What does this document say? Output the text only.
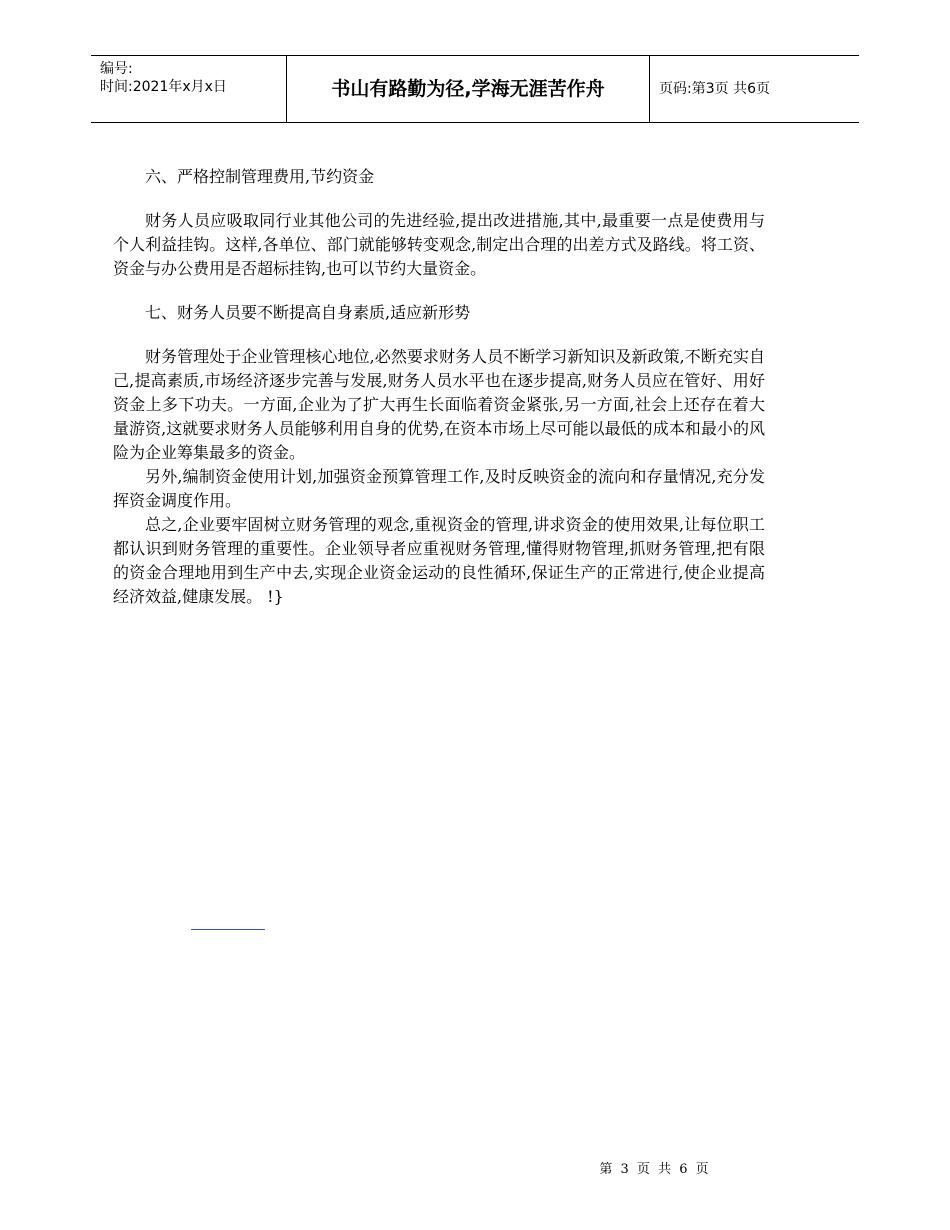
编号:
时间:2021年x月x日	书山有路勤为径,学海无涯苦作舟	页码:第3页 共6页

六、严格控制管理费用,节约资金

财务人员应吸取同行业其他公司的先进经验,提出改进措施,其中,最重要一点是使费用与个人利益挂钩。这样,各单位、部门就能够转变观念,制定出合理的出差方式及路线。将工资、资金与办公费用是否超标挂钩,也可以节约大量资金。

七、财务人员要不断提高自身素质,适应新形势

财务管理处于企业管理核心地位,必然要求财务人员不断学习新知识及新政策,不断充实自己,提高素质,市场经济逐步完善与发展,财务人员水平也在逐步提高,财务人员应在管好、用好资金上多下功夫。一方面,企业为了扩大再生长面临着资金紧张,另一方面,社会上还存在着大量游资,这就要求财务人员能够利用自身的优势,在资本市场上尽可能以最低的成本和最小的风险为企业筹集最多的资金。

另外,编制资金使用计划,加强资金预算管理工作,及时反映资金的流向和存量情况,充分发挥资金调度作用。

总之,企业要牢固树立财务管理的观念,重视资金的管理,讲求资金的使用效果,让每位职工都认识到财务管理的重要性。企业领导者应重视财务管理,懂得财物管理,抓财务管理,把有限的资金合理地用到生产中去,实现企业资金运动的良性循环,保证生产的正常进行,使企业提高经济效益,健康发展。 !}

第 3 页 共 6 页
